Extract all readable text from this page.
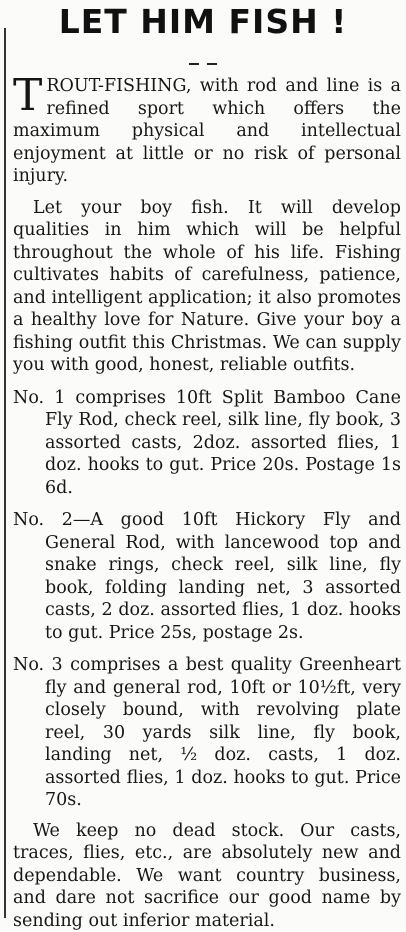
LET HIM FISH !

TROUT-FISHING, with rod and line is a refined sport which offers the maximum physical and intellectual enjoyment at little or no risk of personal injury.

Let your boy fish. It will develop qualities in him which will be helpful throughout the whole of his life. Fishing cultivates habits of carefulness, patience, and intelligent application; it also promotes a healthy love for Nature. Give your boy a fishing outfit this Christmas. We can supply you with good, honest, reliable outfits.

No. 1 comprises 10ft Split Bamboo Cane Fly Rod, check reel, silk line, fly book, 3 assorted casts, 2doz. assorted flies, 1 doz. hooks to gut. Price 20s. Postage 1s 6d.

No. 2—A good 10ft Hickory Fly and General Rod, with lancewood top and snake rings, check reel, silk line, fly book, folding landing net, 3 assorted casts, 2 doz. assorted flies, 1 doz. hooks to gut. Price 25s, postage 2s.

No. 3 comprises a best quality Greenheart fly and general rod, 10ft or 10½ft, very closely bound, with revolving plate reel, 30 yards silk line, fly book, landing net, ½ doz. casts, 1 doz. assorted flies, 1 doz. hooks to gut. Price 70s.

We keep no dead stock. Our casts, traces, flies, etc., are absolutely new and dependable. We want country business, and dare not sacrifice our good name by sending out inferior material.
